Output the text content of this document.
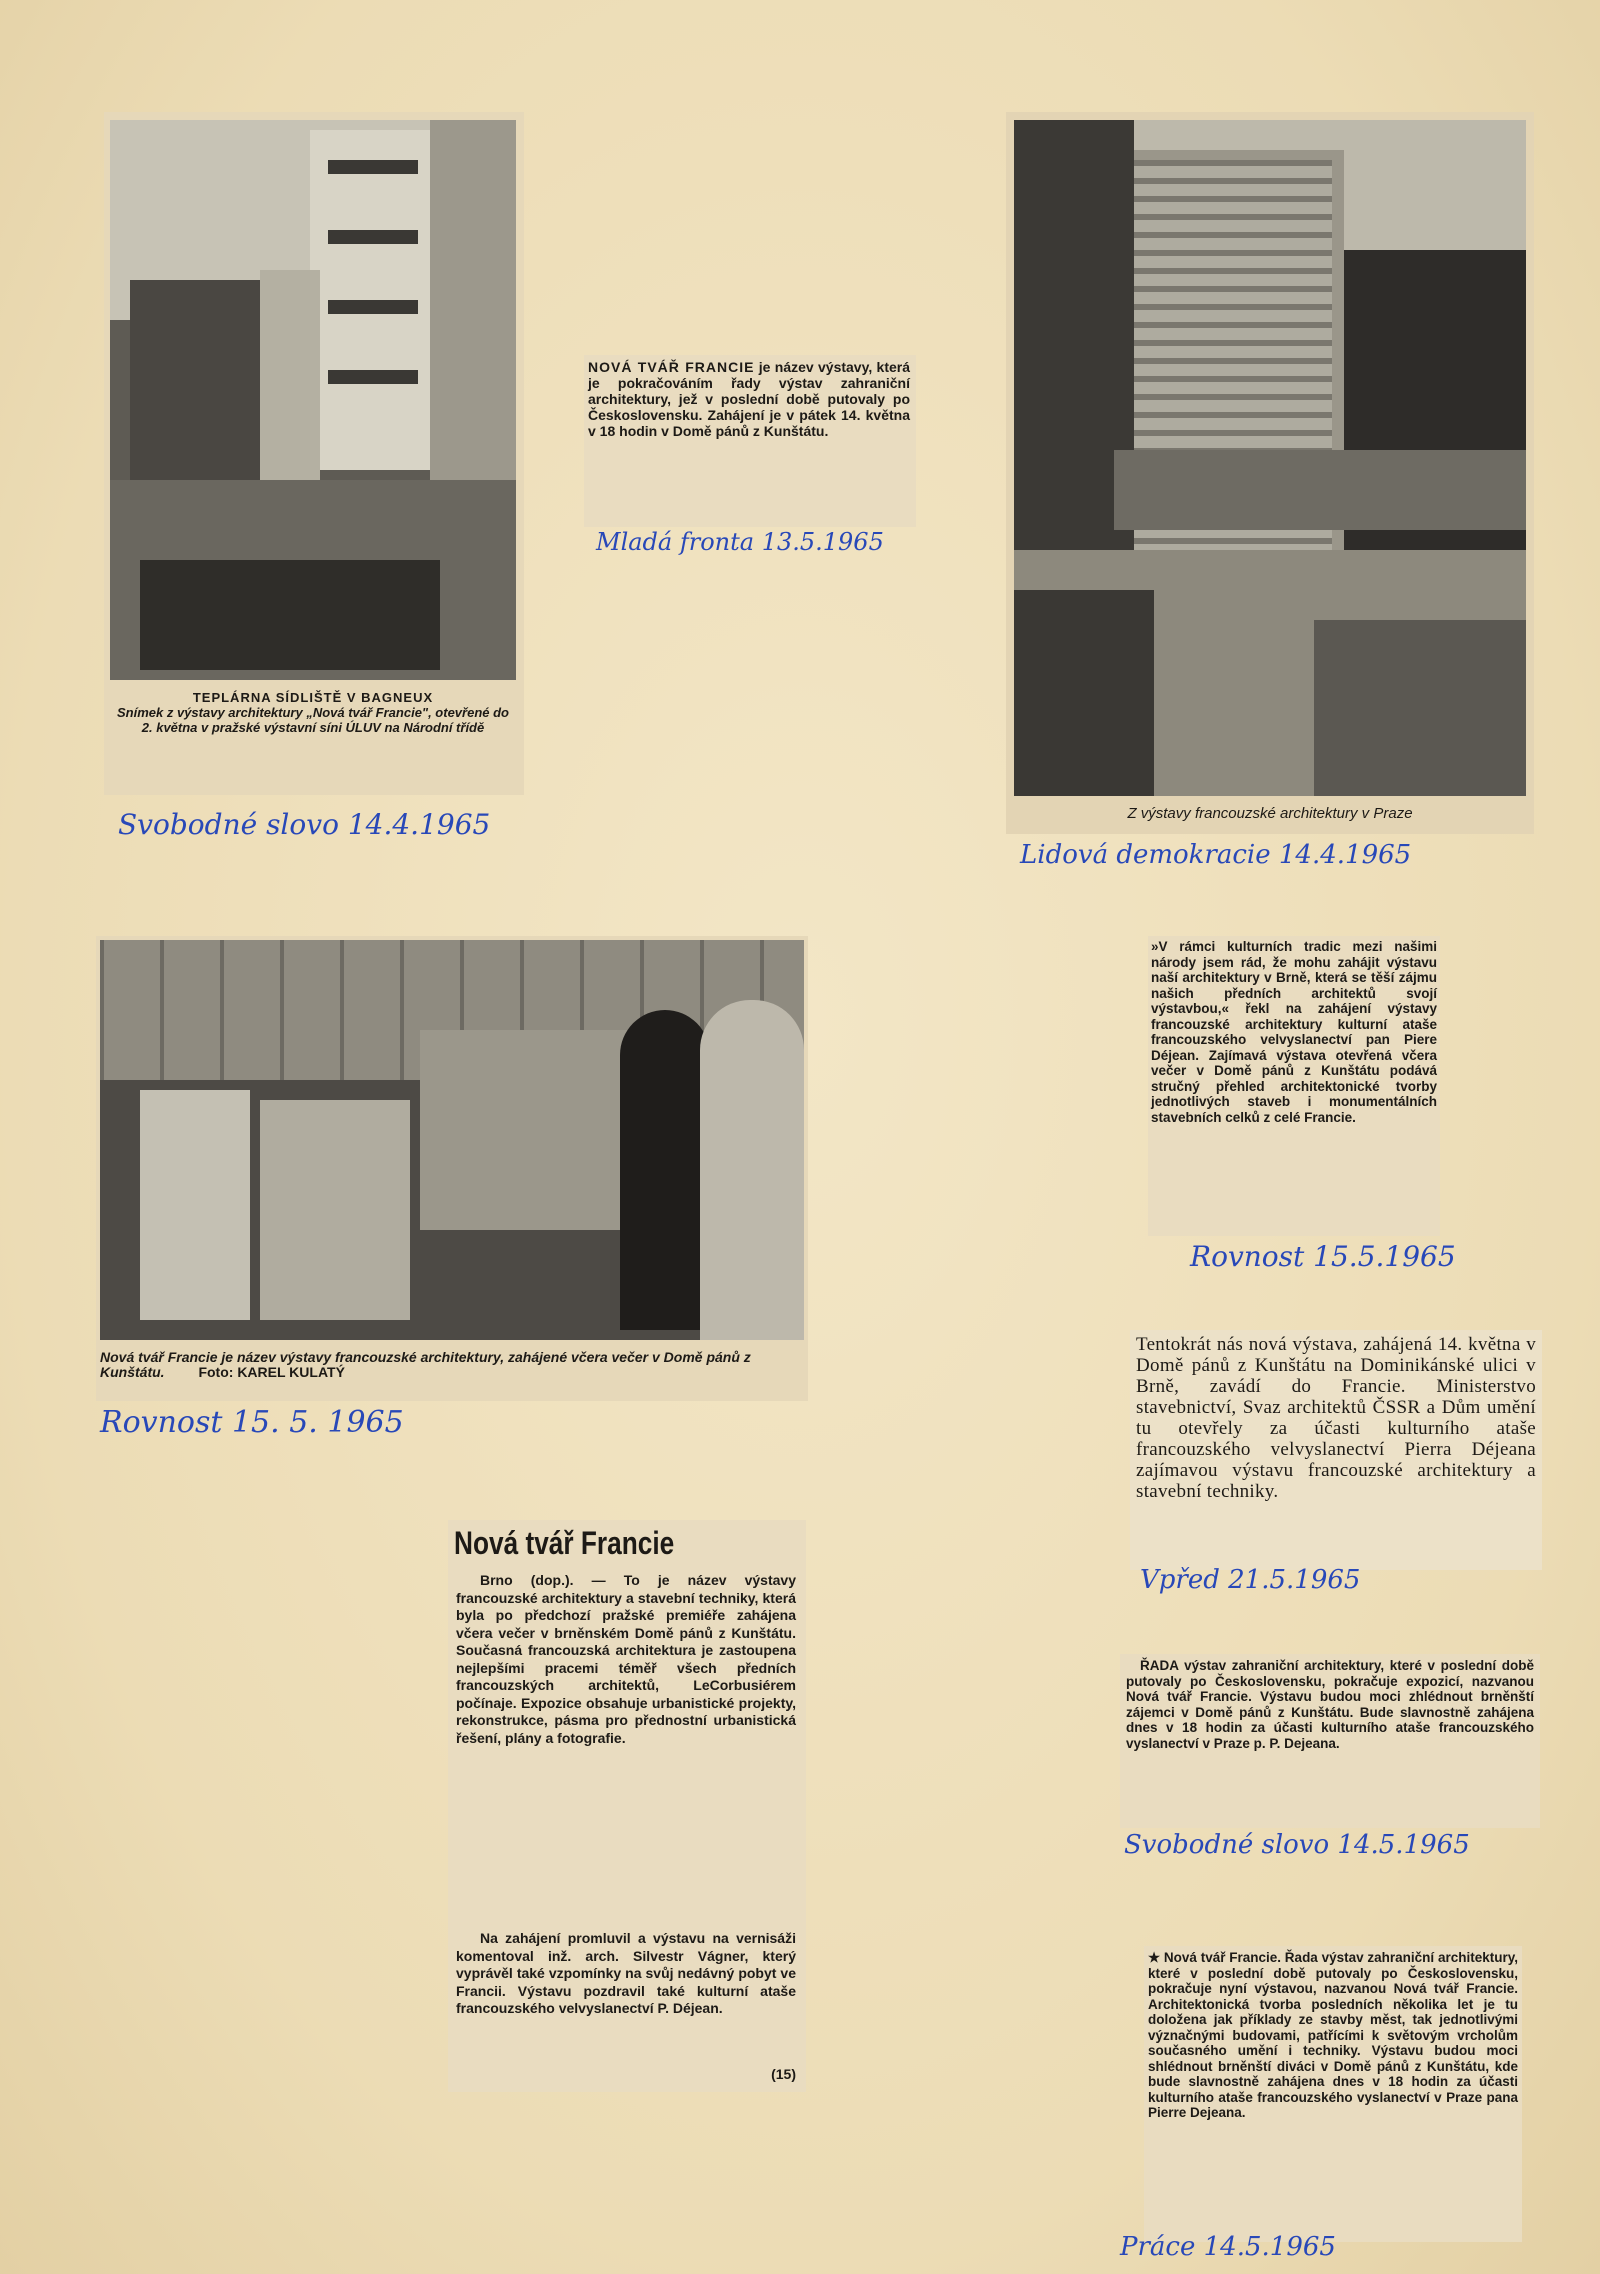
TEPLÁRNA SÍDLIŠTĚ V BAGNEUX
Snímek z výstavy architektury „Nová tvář Francie", otevřené do 2. května v pražské výstavní síni ÚLUV na Národní třídě
Svobodné slovo 14.4.1965
NOVÁ TVÁŘ FRANCIE je název výstavy, která je pokračováním řady výstav zahraniční architektury, jež v poslední době putovaly po Československu. Zahájení je v pátek 14. května v 18 hodin v Domě pánů z Kunštátu.
Mladá fronta 13.5.1965
Z výstavy francouzské architektury v Praze
Lidová demokracie 14.4.1965
Nová tvář Francie je název výstavy francouzské architektury, zahájené včera večer v Domě pánů z Kunštátu. Foto: KAREL KULATÝ
Rovnost 15. 5. 1965
»V rámci kulturních tradic mezi našimi národy jsem rád, že mohu zahájit výstavu naší architektury v Brně, která se těší zájmu našich předních architektů svojí výstavbou,« řekl na zahájení výstavy francouzské architektury kulturní ataše francouzského velvyslanectví pan Piere Déjean. Zajímavá výstava otevřená včera večer v Domě pánů z Kunštátu podává stručný přehled architektonické tvorby jednotlivých staveb i monumentálních stavebních celků z celé Francie.
Rovnost 15.5.1965
Nová tvář Francie
Brno (dop.). — To je název výstavy francouzské architektury a stavební techniky, která byla po předchozí pražské premiéře zahájena včera večer v brněnském Domě pánů z Kunštátu. Současná francouzská architektura je zastoupena nejlepšími pracemi téměř všech předních francouzských architektů, LeCorbusiérem počínaje. Expozice obsahuje urbanistické projekty, rekonstrukce, pásma pro přednostní urbanistická řešení, plány a fotografie.
Na zahájení promluvil a výstavu na vernisáži komentoval inž. arch. Silvestr Vágner, který vyprávěl také vzpomínky na svůj nedávný pobyt ve Francii. Výstavu pozdravil také kulturní ataše francouzského velvyslanectví P. Déjean.
(15)
Tentokrát nás nová výstava, zahájená 14. května v Domě pánů z Kunštátu na Dominikánské ulici v Brně, zavádí do Francie. Ministerstvo stavebnictví, Svaz architektů ČSSR a Dům umění tu otevřely za účasti kulturního ataše francouzského velvyslanectví Pierra Déjeana zajímavou výstavu francouzské architektury a stavební techniky.
Vpřed 21.5.1965
ŘADA výstav zahraniční architektury, které v poslední době putovaly po Československu, pokračuje expozicí, nazvanou Nová tvář Francie. Výstavu budou moci zhlédnout brněnští zájemci v Domě pánů z Kunštátu. Bude slavnostně zahájena dnes v 18 hodin za účasti kulturního ataše francouzského vyslanectví v Praze p. P. Dejeana.
Svobodné slovo 14.5.1965
★ Nová tvář Francie. Řada výstav zahraniční architektury, které v poslední době putovaly po Československu, pokračuje nyní výstavou, nazvanou Nová tvář Francie. Architektonická tvorba posledních několika let je tu doložena jak příklady ze stavby měst, tak jednotlivými význačnými budovami, patřícími k světovým vrcholům současného umění i techniky. Výstavu budou moci shlédnout brněnští diváci v Domě pánů z Kunštátu, kde bude slavnostně zahájena dnes v 18 hodin za účasti kulturního ataše francouzského vyslanectví v Praze pana Pierre Dejeana.
Práce 14.5.1965
